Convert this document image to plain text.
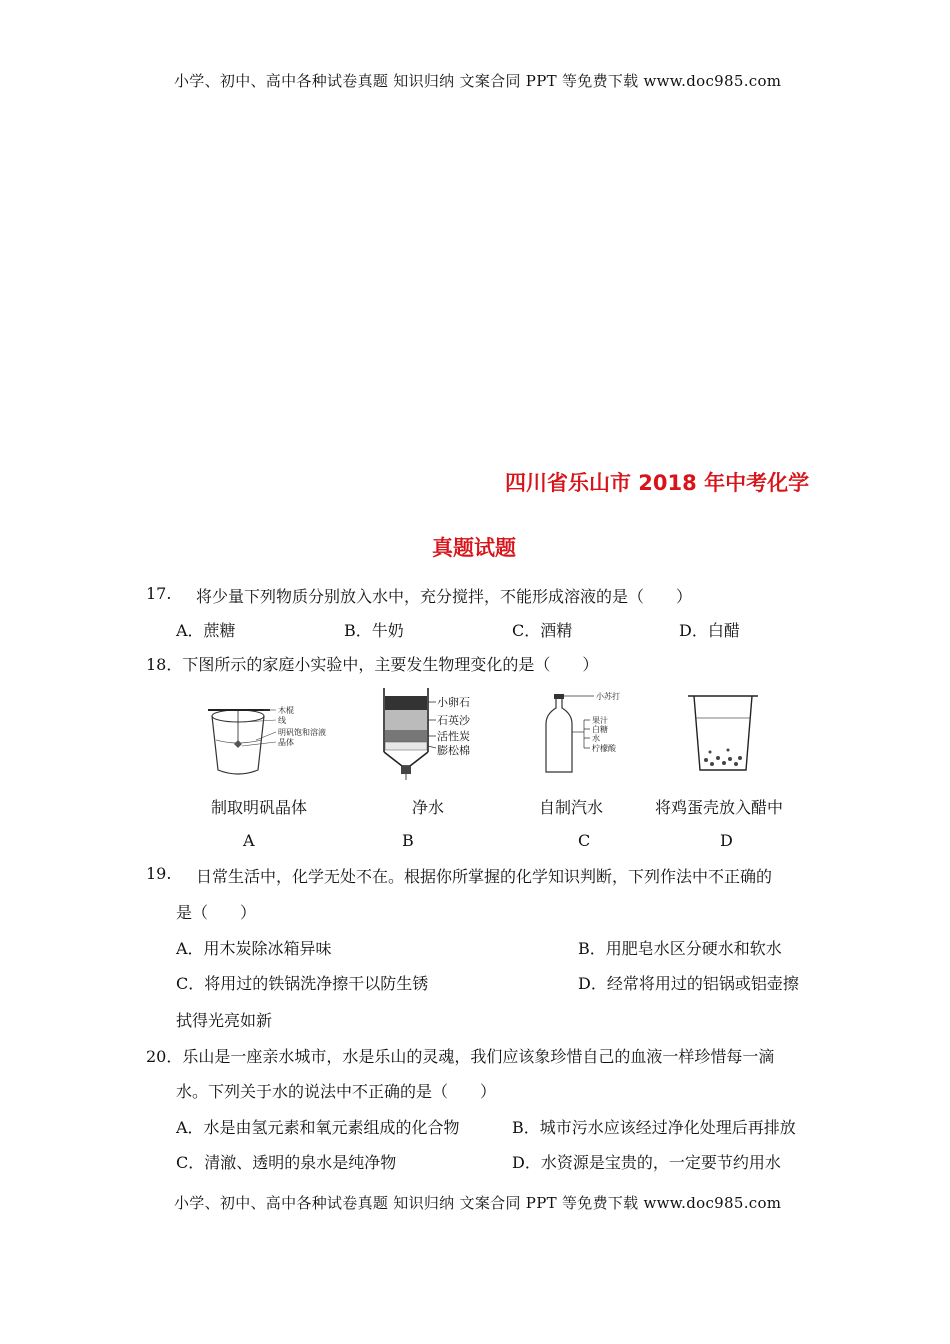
小学、初中、高中各种试卷真题 知识归纳 文案合同 PPT 等免费下载 www.doc985.com
四川省乐山市 2018 年中考化学
真题试题
17. 将少量下列物质分别放入水中，充分搅拌，不能形成溶液的是（　　）
A．蔗糖	B．牛奶	C．酒精	D．白醋
18．下图所示的家庭小实验中，主要发生物理变化的是（　　）
木棍
线
明矾饱和溶液
晶体
小卵石
石英沙
活性炭
膨松棉
小苏打
果汁
白糖
水
柠檬酸
制取明矾晶体	净水	自制汽水	将鸡蛋壳放入醋中
A	B	C	D
19. 日常生活中，化学无处不在。根据你所掌握的化学知识判断，下列作法中不正确的
是（　　）
A．用木炭除冰箱异味	B．用肥皂水区分硬水和软水
C．将用过的铁锅洗净擦干以防生锈	D．经常将用过的铝锅或铝壶擦
拭得光亮如新
20．乐山是一座亲水城市，水是乐山的灵魂，我们应该象珍惜自己的血液一样珍惜每一滴
水。下列关于水的说法中不正确的是（　　）
A．水是由氢元素和氧元素组成的化合物	B．城市污水应该经过净化处理后再排放
C．清澈、透明的泉水是纯净物	D．水资源是宝贵的，一定要节约用水
小学、初中、高中各种试卷真题 知识归纳 文案合同 PPT 等免费下载 www.doc985.com
